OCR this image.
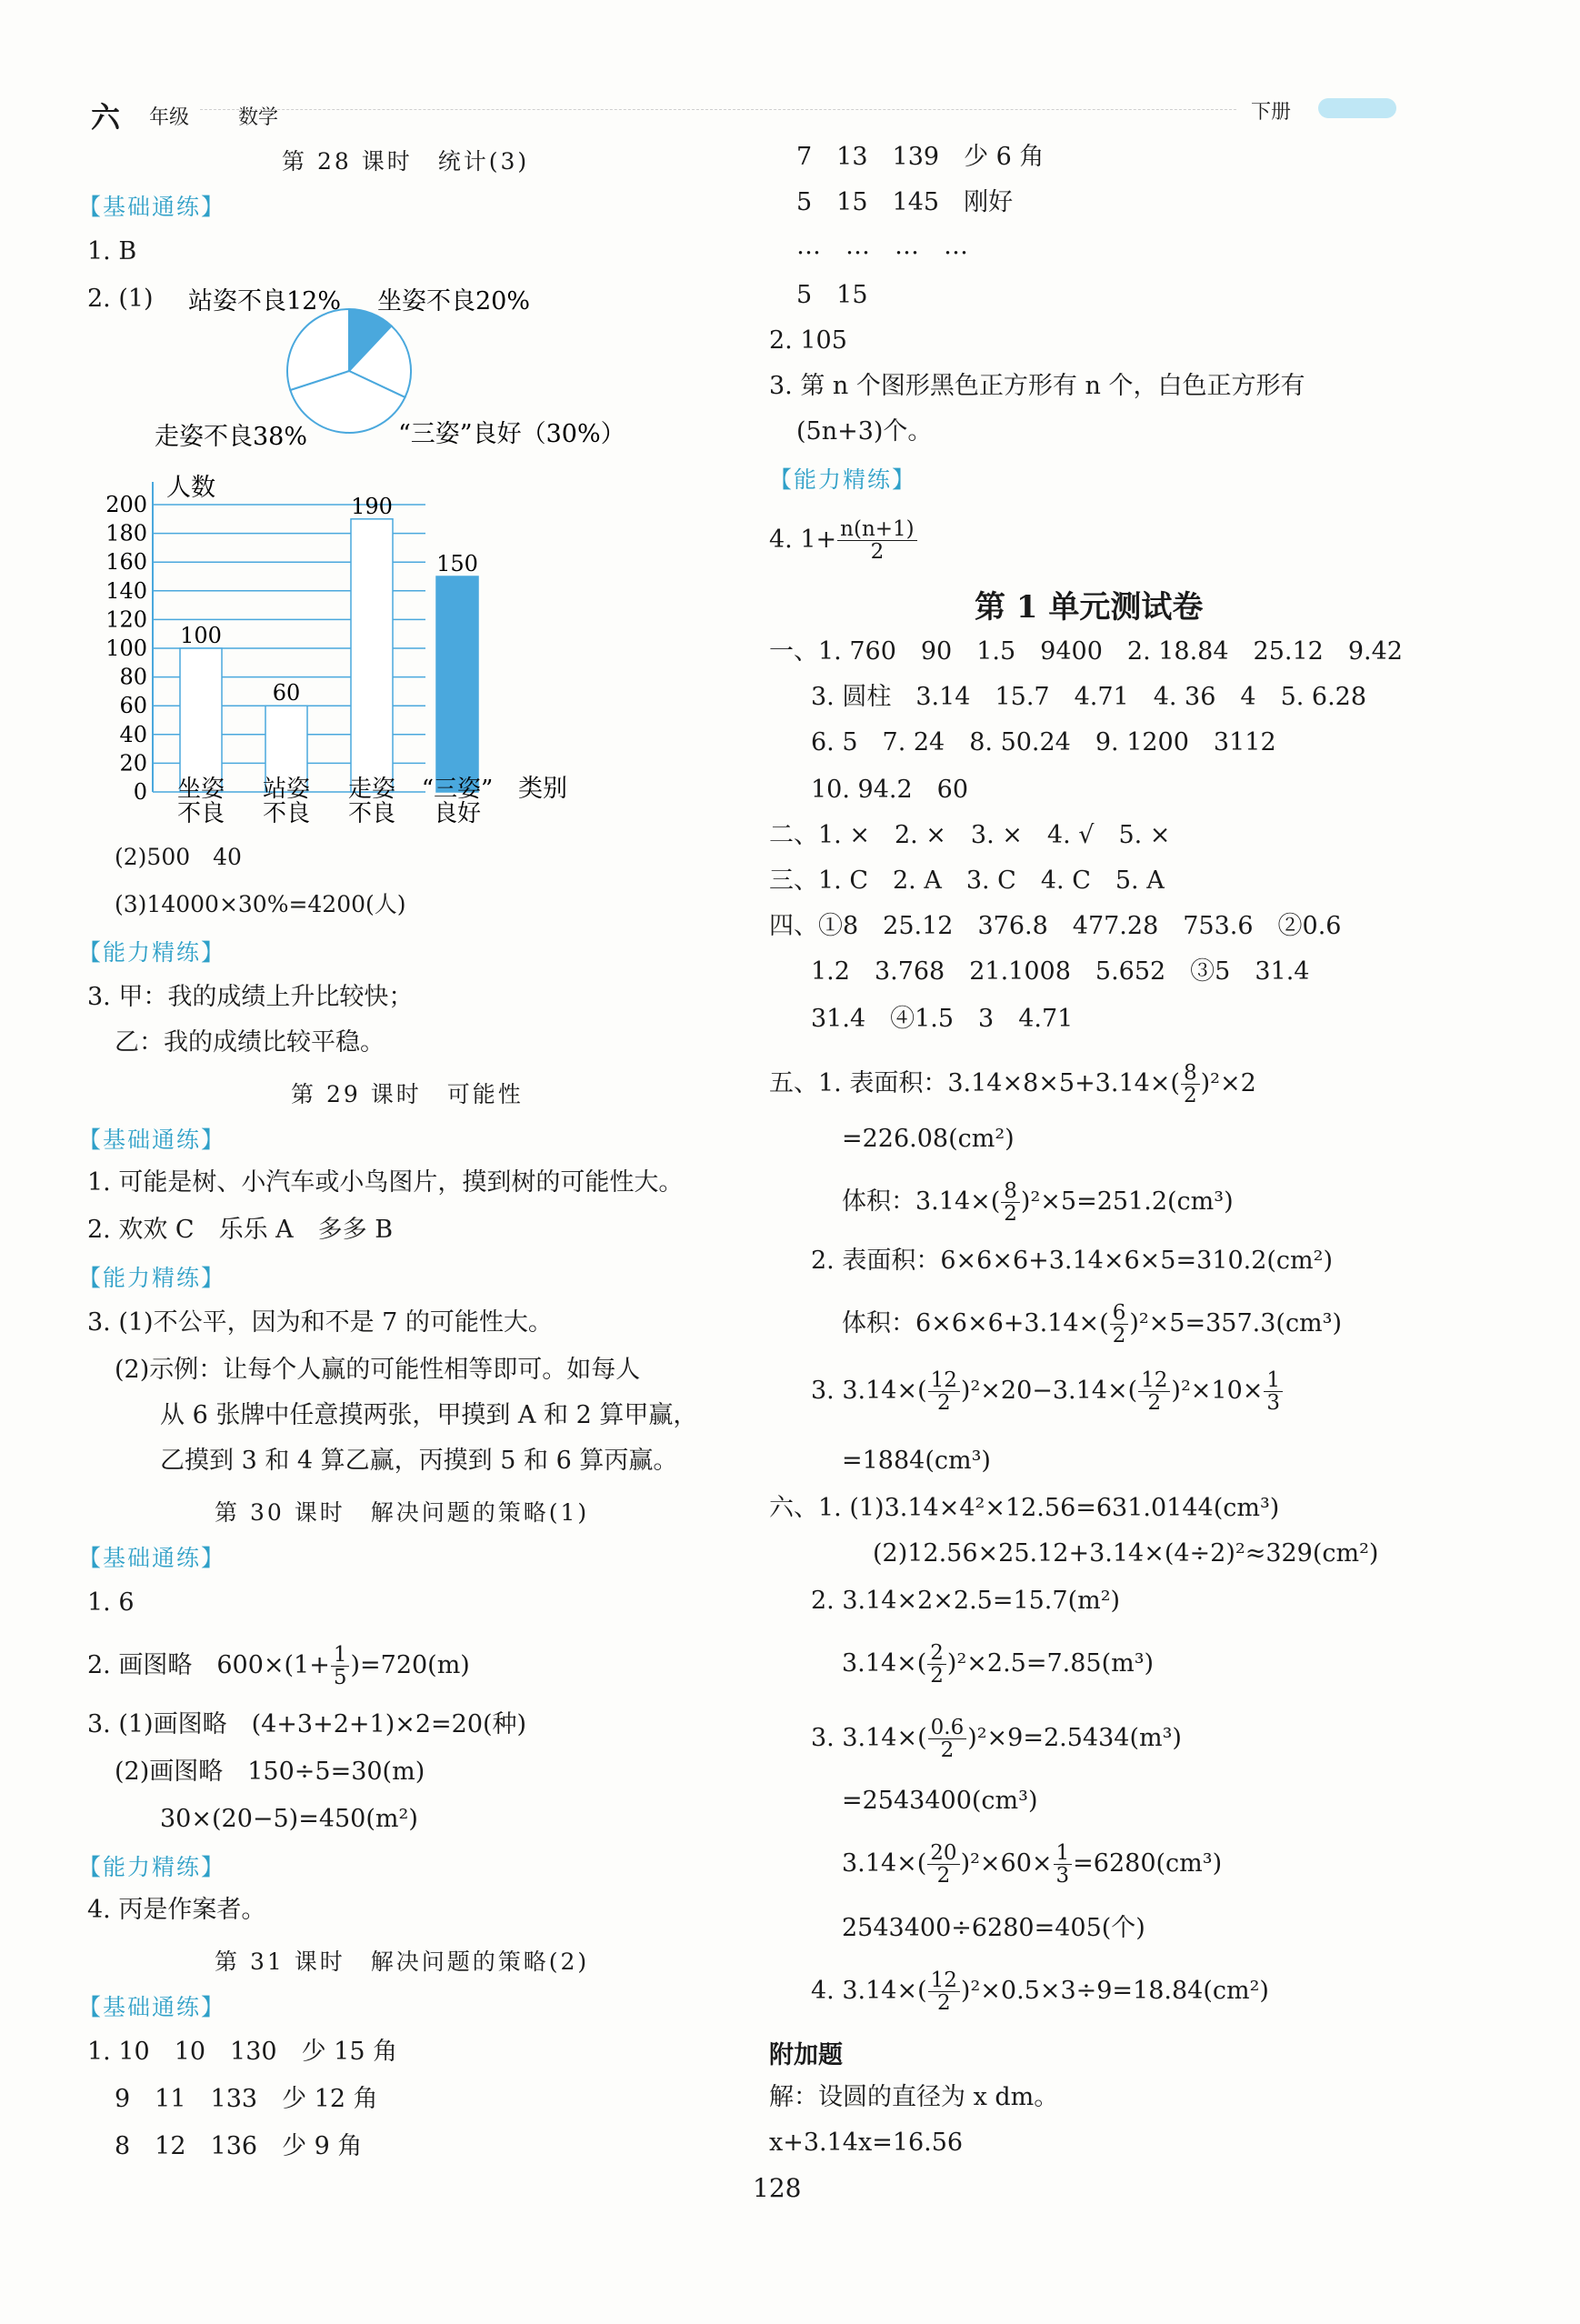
六 年级 数学	下册
第 28 课时　统计(3)
【基础通练】
1. B
2. (1) 站姿不良12% 坐姿不良20%
走姿不良38%	“三姿”良好（30%）
0
20
40
60
80
100
120
140
160
180
200
100
60
190
150
坐姿
不良
站姿
不良
走姿
不良
“三姿”
良好
人数
类别
(2)500　40
(3)14000×30%=4200(人)
【能力精练】
3. 甲：我的成绩上升比较快；
乙：我的成绩比较平稳。
第 29 课时　可能性
【基础通练】
1. 可能是树、小汽车或小鸟图片，摸到树的可能性大。
2. 欢欢 C　乐乐 A　多多 B
【能力精练】
3. (1)不公平，因为和不是 7 的可能性大。
(2)示例：让每个人赢的可能性相等即可。如每人
从 6 张牌中任意摸两张，甲摸到 A 和 2 算甲赢，
乙摸到 3 和 4 算乙赢，丙摸到 5 和 6 算丙赢。
第 30 课时　解决问题的策略(1)
【基础通练】
1. 6
2. 画图略　$600\times(1+ \frac{1}{5} )=720(m)$
3. (1)画图略　(4+3+2+1)×2=20(种)
(2)画图略　150÷5=30(m)
30×(20−5)=450(m²)
【能力精练】
4. 丙是作案者。
第 31 课时　解决问题的策略(2)
【基础通练】
1. 10　10　130　少 15 角
9　11　133　少 12 角
8　12　136　少 9 角
7　13　139　少 6 角
5　15　145　刚好
…　…　…　…
5　15
2. 105
3. 第 n 个图形黑色正方形有 n 个，白色正方形有
(5n+3)个。
【能力精练】
4. $1+ \frac{n(n+1)}{2}$
第 1 单元测试卷
一、1. 760　90　1.5　9400　2. 18.84　25.12　9.42
3. 圆柱　3.14　15.7　4.71　4. 36　4　5. 6.28
6. 5　7. 24　8. 50.24　9. 1200　3112
10. 94.2　60
二、1. ×　2. ×　3. ×　4. √　5. ×
三、1. C　2. A　3. C　4. C　5. A
四、①8　25.12　376.8　477.28　753.6　②0.6
1.2　3.768　21.1008　5.652　③5　31.4
31.4　④1.5　3　4.71
五、1. 表面积：$3.14\times 8\times 5+3.14\times( \frac{8}{2} )^2\times 2$
=226.08(cm²)
体积：$3.14\times( \frac{8}{2} )^2\times 5=251.2(cm^3)$
2. 表面积：6×6×6+3.14×6×5=310.2(cm²)
体积：$6\times 6\times 6+3.14\times( \frac{6}{2} )^2\times 5=357.3(cm^3)$
3. $3.14\times( \frac{12}{2} )^2\times 20-3.14\times( \frac{12}{2} )^2\times 10\times \frac{1}{3}$
=1884(cm³)
六、1. (1)3.14×4²×12.56=631.0144(cm³)
(2)12.56×25.12+3.14×(4÷2)²≈329(cm²)
2. 3.14×2×2.5=15.7(m²)
$3.14\times( \frac{2}{2} )^2\times 2.5=7.85(m^3)$
3. $3.14\times( \frac{0.6}{2} )^2\times 9=2.5434(m^3)$
=2543400(cm³)
$3.14\times( \frac{20}{2} )^2\times 60\times \frac{1}{3} =6280(cm^3)$
2543400÷6280=405(个)
4. $3.14\times( \frac{12}{2} )^2\times 0.5\times 3\div 9=18.84(cm^2)$
附加题
解：设圆的直径为 x dm。
x+3.14x=16.56
128
